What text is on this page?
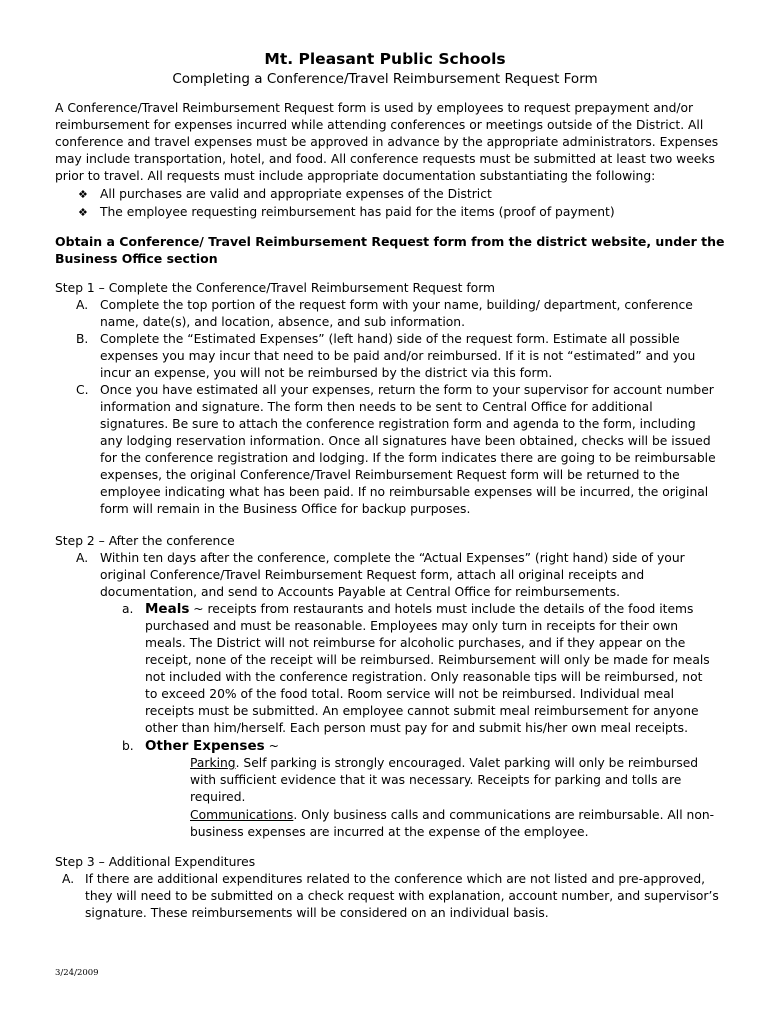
Mt. Pleasant Public Schools
Completing a Conference/Travel Reimbursement Request Form
A Conference/Travel Reimbursement Request form is used by employees to request prepayment and/or
reimbursement for expenses incurred while attending conferences or meetings outside of the District. All
conference and travel expenses must be approved in advance by the appropriate administrators. Expenses
may include transportation, hotel, and food. All conference requests must be submitted at least two weeks
prior to travel. All requests must include appropriate documentation substantiating the following:
❖ All purchases are valid and appropriate expenses of the District
❖ The employee requesting reimbursement has paid for the items (proof of payment)
Obtain a Conference/ Travel Reimbursement Request form from the district website, under the
Business Office section
Step 1 – Complete the Conference/Travel Reimbursement Request form
A. Complete the top portion of the request form with your name, building/ department, conference
name, date(s), and location, absence, and sub information.
B. Complete the “Estimated Expenses” (left hand) side of the request form. Estimate all possible
expenses you may incur that need to be paid and/or reimbursed. If it is not “estimated” and you
incur an expense, you will not be reimbursed by the district via this form.
C. Once you have estimated all your expenses, return the form to your supervisor for account number
information and signature. The form then needs to be sent to Central Office for additional
signatures. Be sure to attach the conference registration form and agenda to the form, including
any lodging reservation information. Once all signatures have been obtained, checks will be issued
for the conference registration and lodging. If the form indicates there are going to be reimbursable
expenses, the original Conference/Travel Reimbursement Request form will be returned to the
employee indicating what has been paid. If no reimbursable expenses will be incurred, the original
form will remain in the Business Office for backup purposes.
Step 2 – After the conference
A. Within ten days after the conference, complete the “Actual Expenses” (right hand) side of your
original Conference/Travel Reimbursement Request form, attach all original receipts and
documentation, and send to Accounts Payable at Central Office for reimbursements.
a. Meals ~ receipts from restaurants and hotels must include the details of the food items
purchased and must be reasonable. Employees may only turn in receipts for their own
meals. The District will not reimburse for alcoholic purchases, and if they appear on the
receipt, none of the receipt will be reimbursed. Reimbursement will only be made for meals
not included with the conference registration. Only reasonable tips will be reimbursed, not
to exceed 20% of the food total. Room service will not be reimbursed. Individual meal
receipts must be submitted. An employee cannot submit meal reimbursement for anyone
other than him/herself. Each person must pay for and submit his/her own meal receipts.
b. Other Expenses ~
Parking. Self parking is strongly encouraged. Valet parking will only be reimbursed
with sufficient evidence that it was necessary. Receipts for parking and tolls are
required.
Communications. Only business calls and communications are reimbursable. All non-
business expenses are incurred at the expense of the employee.
Step 3 – Additional Expenditures
A. If there are additional expenditures related to the conference which are not listed and pre-approved,
they will need to be submitted on a check request with explanation, account number, and supervisor’s
signature. These reimbursements will be considered on an individual basis.
3/24/2009
